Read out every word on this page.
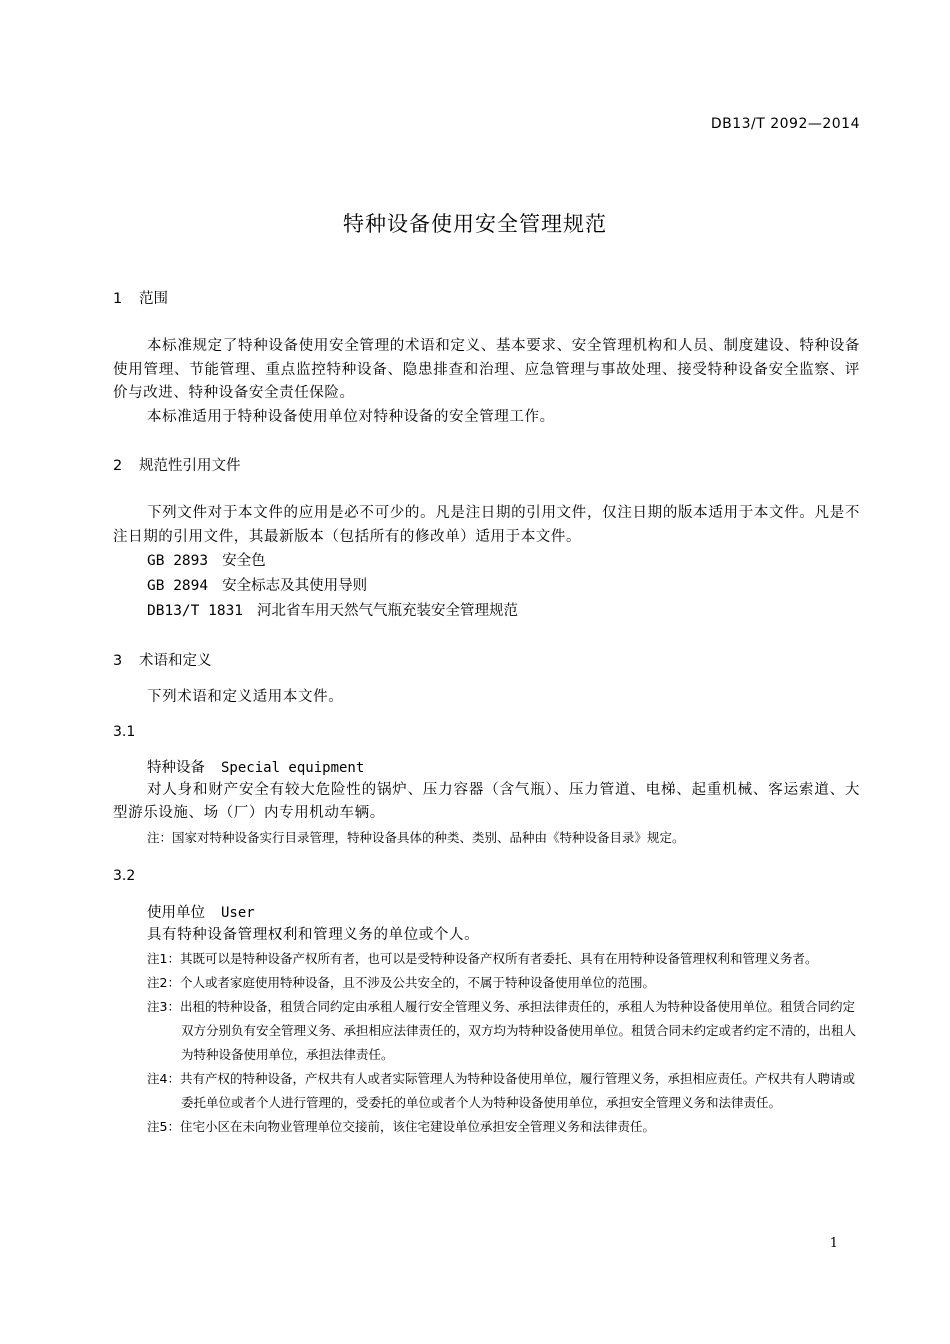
DB13/T 2092—2014
特种设备使用安全管理规范
1 范围
本标准规定了特种设备使用安全管理的术语和定义、基本要求、安全管理机构和人员、制度建设、特种设备使用管理、节能管理、重点监控特种设备、隐患排查和治理、应急管理与事故处理、接受特种设备安全监察、评价与改进、特种设备安全责任保险。
本标准适用于特种设备使用单位对特种设备的安全管理工作。
2 规范性引用文件
下列文件对于本文件的应用是必不可少的。凡是注日期的引用文件，仅注日期的版本适用于本文件。凡是不注日期的引用文件，其最新版本（包括所有的修改单）适用于本文件。
GB 2893 安全色
GB 2894 安全标志及其使用导则
DB13/T 1831 河北省车用天然气气瓶充装安全管理规范
3 术语和定义
下列术语和定义适用本文件。
3.1
特种设备 Special equipment
对人身和财产安全有较大危险性的锅炉、压力容器（含气瓶）、压力管道、电梯、起重机械、客运索道、大型游乐设施、场（厂）内专用机动车辆。
注：国家对特种设备实行目录管理，特种设备具体的种类、类别、品种由《特种设备目录》规定。
3.2
使用单位 User
具有特种设备管理权利和管理义务的单位或个人。
注1：其既可以是特种设备产权所有者，也可以是受特种设备产权所有者委托、具有在用特种设备管理权利和管理义务者。
注2：个人或者家庭使用特种设备，且不涉及公共安全的，不属于特种设备使用单位的范围。
注3：出租的特种设备，租赁合同约定由承租人履行安全管理义务、承担法律责任的，承租人为特种设备使用单位。租赁合同约定双方分别负有安全管理义务、承担相应法律责任的，双方均为特种设备使用单位。租赁合同未约定或者约定不清的，出租人为特种设备使用单位，承担法律责任。
注4：共有产权的特种设备，产权共有人或者实际管理人为特种设备使用单位，履行管理义务，承担相应责任。产权共有人聘请或委托单位或者个人进行管理的，受委托的单位或者个人为特种设备使用单位，承担安全管理义务和法律责任。
注5：住宅小区在未向物业管理单位交接前，该住宅建设单位承担安全管理义务和法律责任。
1
